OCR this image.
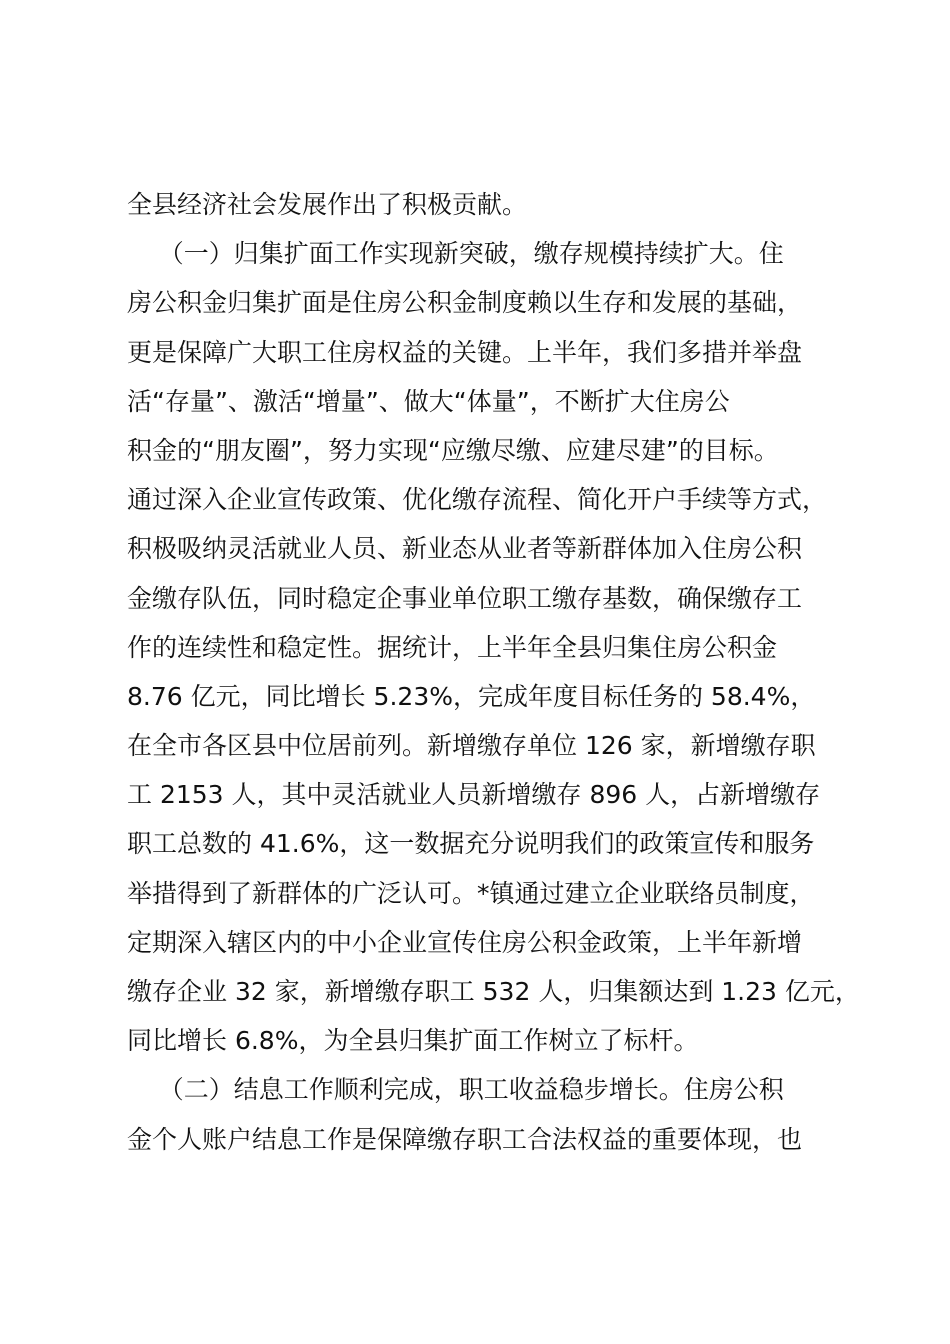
全县经济社会发展作出了积极贡献。
（一）归集扩面工作实现新突破，缴存规模持续扩大。住
房公积金归集扩面是住房公积金制度赖以生存和发展的基础，
更是保障广大职工住房权益的关键。上半年，我们多措并举盘
活“存量”、激活“增量”、做大“体量”，不断扩大住房公
积金的“朋友圈”，努力实现“应缴尽缴、应建尽建”的目标。
通过深入企业宣传政策、优化缴存流程、简化开户手续等方式，
积极吸纳灵活就业人员、新业态从业者等新群体加入住房公积
金缴存队伍，同时稳定企事业单位职工缴存基数，确保缴存工
作的连续性和稳定性。据统计，上半年全县归集住房公积金
8.76 亿元，同比增长 5.23%，完成年度目标任务的 58.4%，
在全市各区县中位居前列。新增缴存单位 126 家，新增缴存职
工 2153 人，其中灵活就业人员新增缴存 896 人，占新增缴存
职工总数的 41.6%，这一数据充分说明我们的政策宣传和服务
举措得到了新群体的广泛认可。*镇通过建立企业联络员制度，
定期深入辖区内的中小企业宣传住房公积金政策，上半年新增
缴存企业 32 家，新增缴存职工 532 人，归集额达到 1.23 亿元，
同比增长 6.8%，为全县归集扩面工作树立了标杆。
（二）结息工作顺利完成，职工收益稳步增长。住房公积
金个人账户结息工作是保障缴存职工合法权益的重要体现，也
